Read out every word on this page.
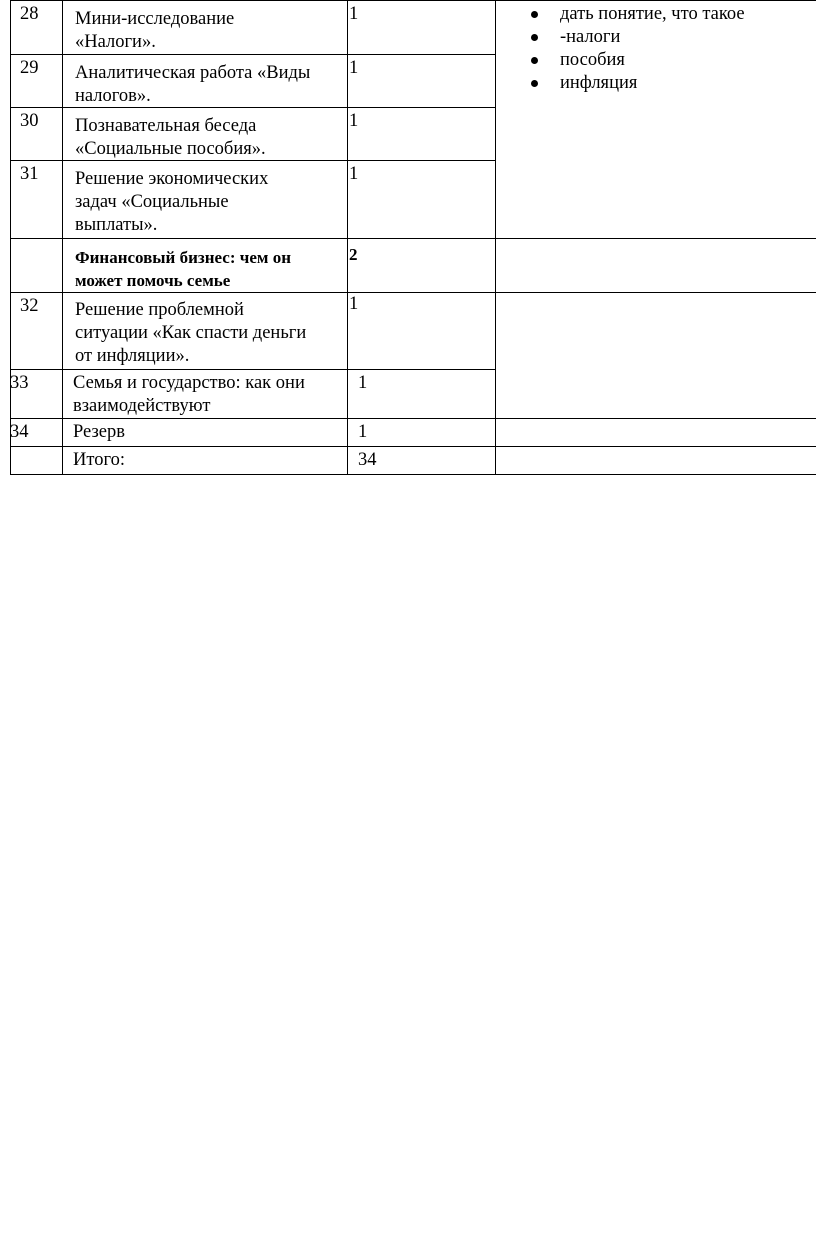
28 Мини-исследование
«Налоги».
1
29 Аналитическая работа «Виды
налогов».
1
30 Познавательная беседа
«Социальные пособия».
1
31 Решение экономических
задач «Социальные
выплаты».
1
Финансовый бизнес: чем он
может помочь семье
2
32 Решение проблемной
ситуации «Как спасти деньги
от инфляции».
1
33 Семья и государство: как они
взаимодействуют
1
34 Резерв	1
Итого:	34
дать понятие, что такое
-налоги
пособия
инфляция
